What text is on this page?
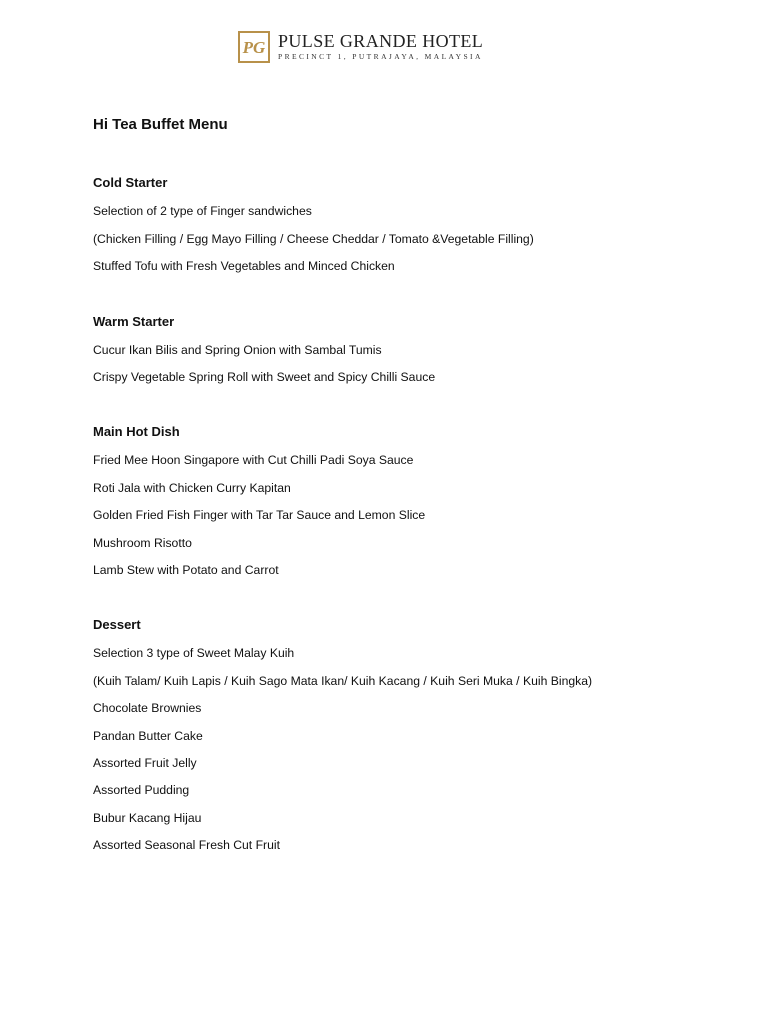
PG PULSE GRANDE HOTEL
PRECINCT 1, PUTRAJAYA, MALAYSIA
Hi Tea Buffet Menu
Cold Starter
Selection of 2 type of Finger sandwiches
(Chicken Filling / Egg Mayo Filling / Cheese Cheddar / Tomato &Vegetable Filling)
Stuffed Tofu with Fresh Vegetables and Minced Chicken
Warm Starter
Cucur Ikan Bilis and Spring Onion with Sambal Tumis
Crispy Vegetable Spring Roll with Sweet and Spicy Chilli Sauce
Main Hot Dish
Fried Mee Hoon Singapore with Cut Chilli Padi Soya Sauce
Roti Jala with Chicken Curry Kapitan
Golden Fried Fish Finger with Tar Tar Sauce and Lemon Slice
Mushroom Risotto
Lamb Stew with Potato and Carrot
Dessert
Selection 3 type of Sweet Malay Kuih
(Kuih Talam/ Kuih Lapis / Kuih Sago Mata Ikan/ Kuih Kacang / Kuih Seri Muka / Kuih Bingka)
Chocolate Brownies
Pandan Butter Cake
Assorted Fruit Jelly
Assorted Pudding
Bubur Kacang Hijau
Assorted Seasonal Fresh Cut Fruit
